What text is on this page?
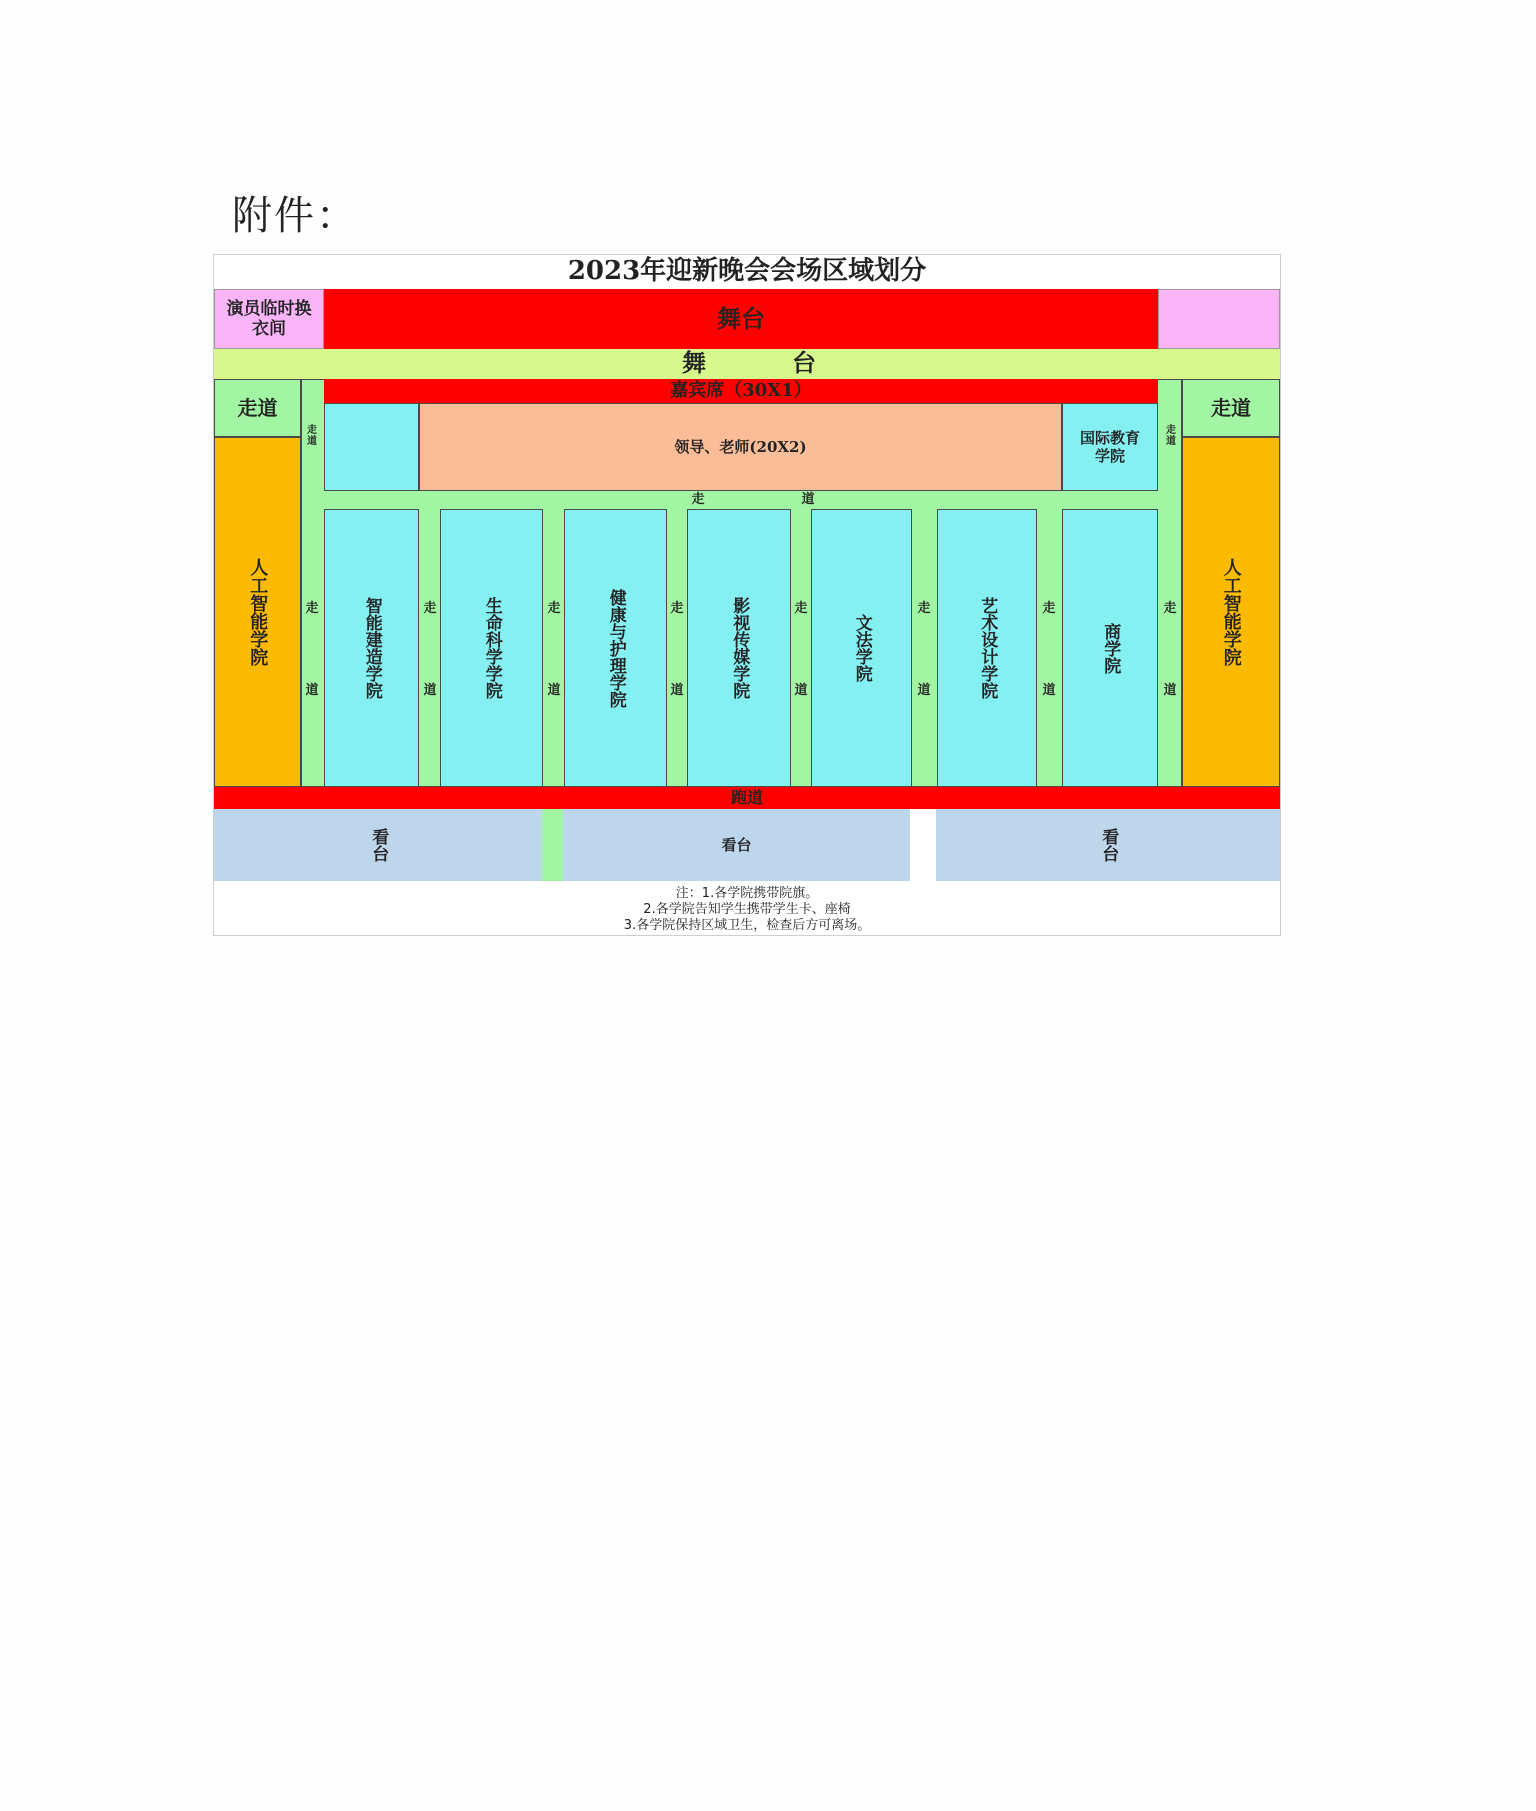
附件：
2023年迎新晚会会场区域划分
演员临时换衣间	舞台
舞	台
走道	走道
人工智能学院	人工智能学院
嘉宾席（30X1）
领导、老师(20X2)	国际教育学院
走
道
走
道
走	道
智能建造学院	生命科学学院	健康与护理学院	影视传媒学院	文法学院	艺术设计学院	商学院
走
道
走
道
走
道
走
道
走
道
走
道
走
道
走
道
跑道
看台	看台	看台
注：1.各学院携带院旗。
2.各学院告知学生携带学生卡、座椅
3.各学院保持区域卫生，检查后方可离场。
